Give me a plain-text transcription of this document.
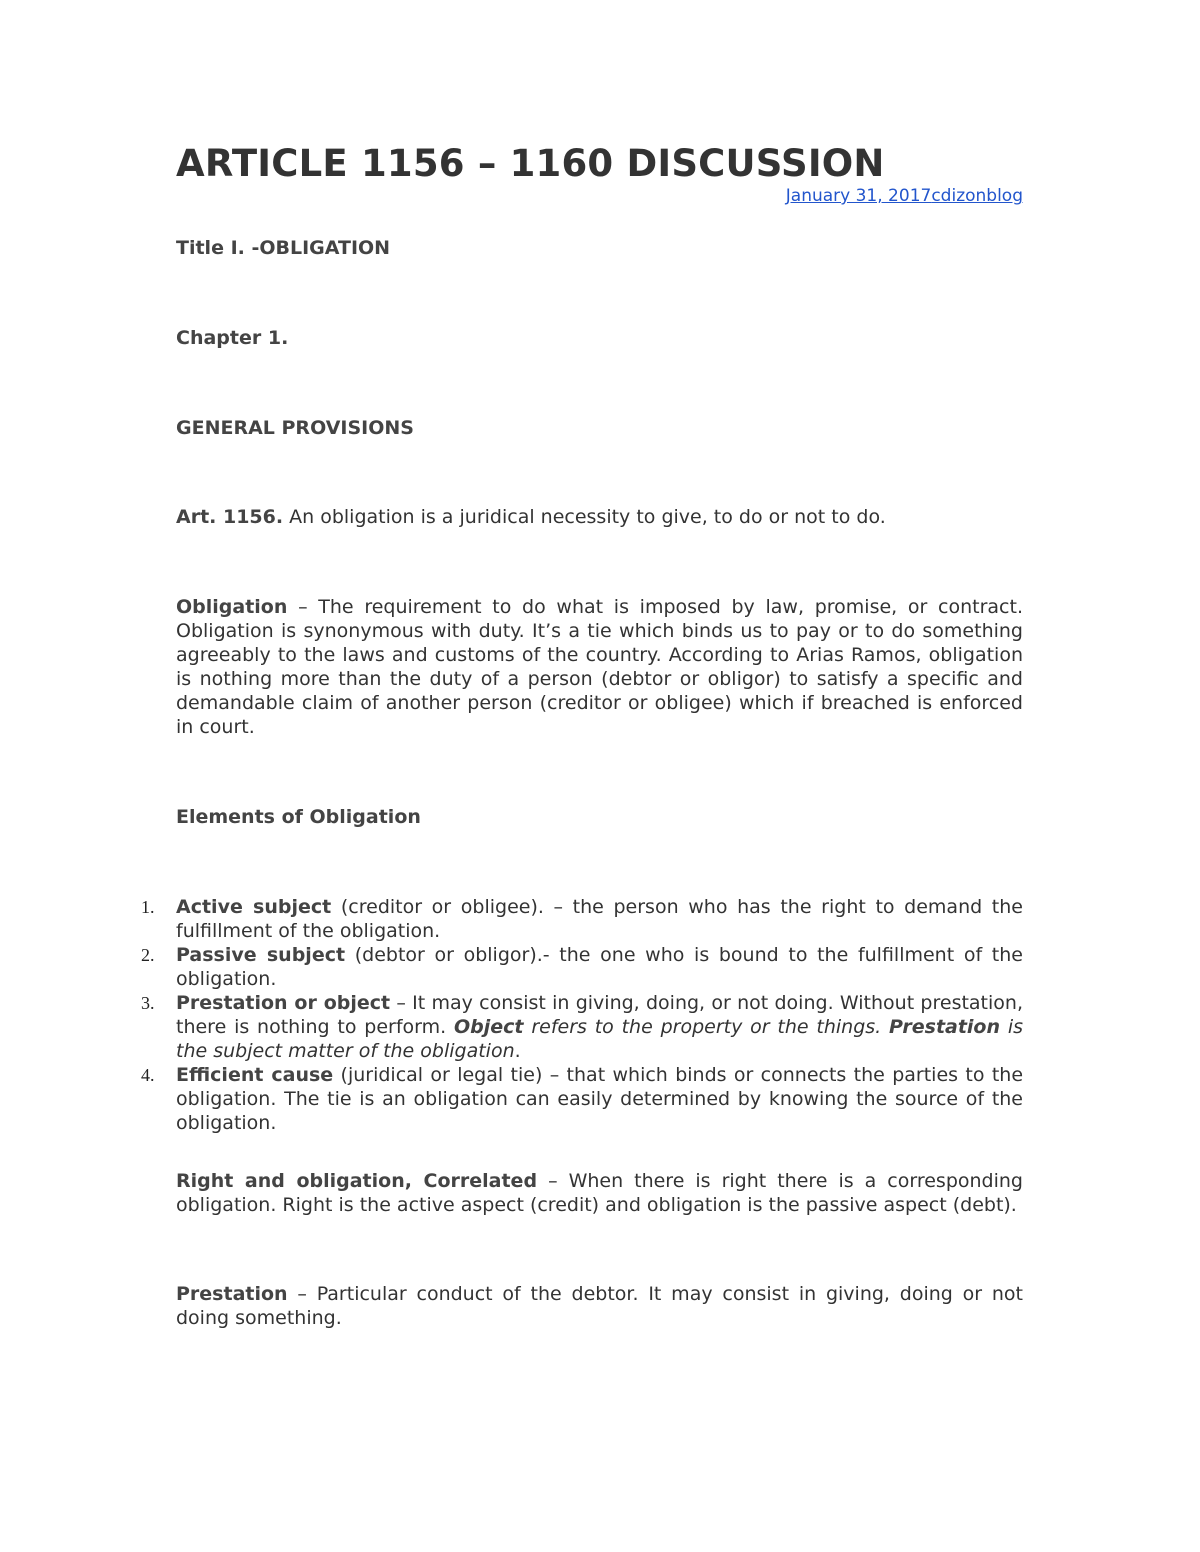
ARTICLE 1156 – 1160 DISCUSSION
January 31, 2017cdizonblog

Title I. -OBLIGATION

Chapter 1.

GENERAL PROVISIONS

Art. 1156. An obligation is a juridical necessity to give, to do or not to do.

Obligation – The requirement to do what is imposed by law, promise, or contract. Obligation is synonymous with duty. It’s a tie which binds us to pay or to do something agreeably to the laws and customs of the country. According to Arias Ramos, obligation is nothing more than the duty of a person (debtor or obligor) to satisfy a specific and demandable claim of another person (creditor or obligee) which if breached is enforced in court.

Elements of Obligation

1. Active subject (creditor or obligee). – the person who has the right to demand the fulfillment of the obligation.
2. Passive subject (debtor or obligor).- the one who is bound to the fulfillment of the obligation.
3. Prestation or object – It may consist in giving, doing, or not doing. Without prestation, there is nothing to perform. Object refers to the property or the things. Prestation is the subject matter of the obligation.
4. Efficient cause (juridical or legal tie) – that which binds or connects the parties to the obligation. The tie is an obligation can easily determined by knowing the source of the obligation.

Right and obligation, Correlated – When there is right there is a corresponding obligation. Right is the active aspect (credit) and obligation is the passive aspect (debt).

Prestation – Particular conduct of the debtor. It may consist in giving, doing or not doing something.
